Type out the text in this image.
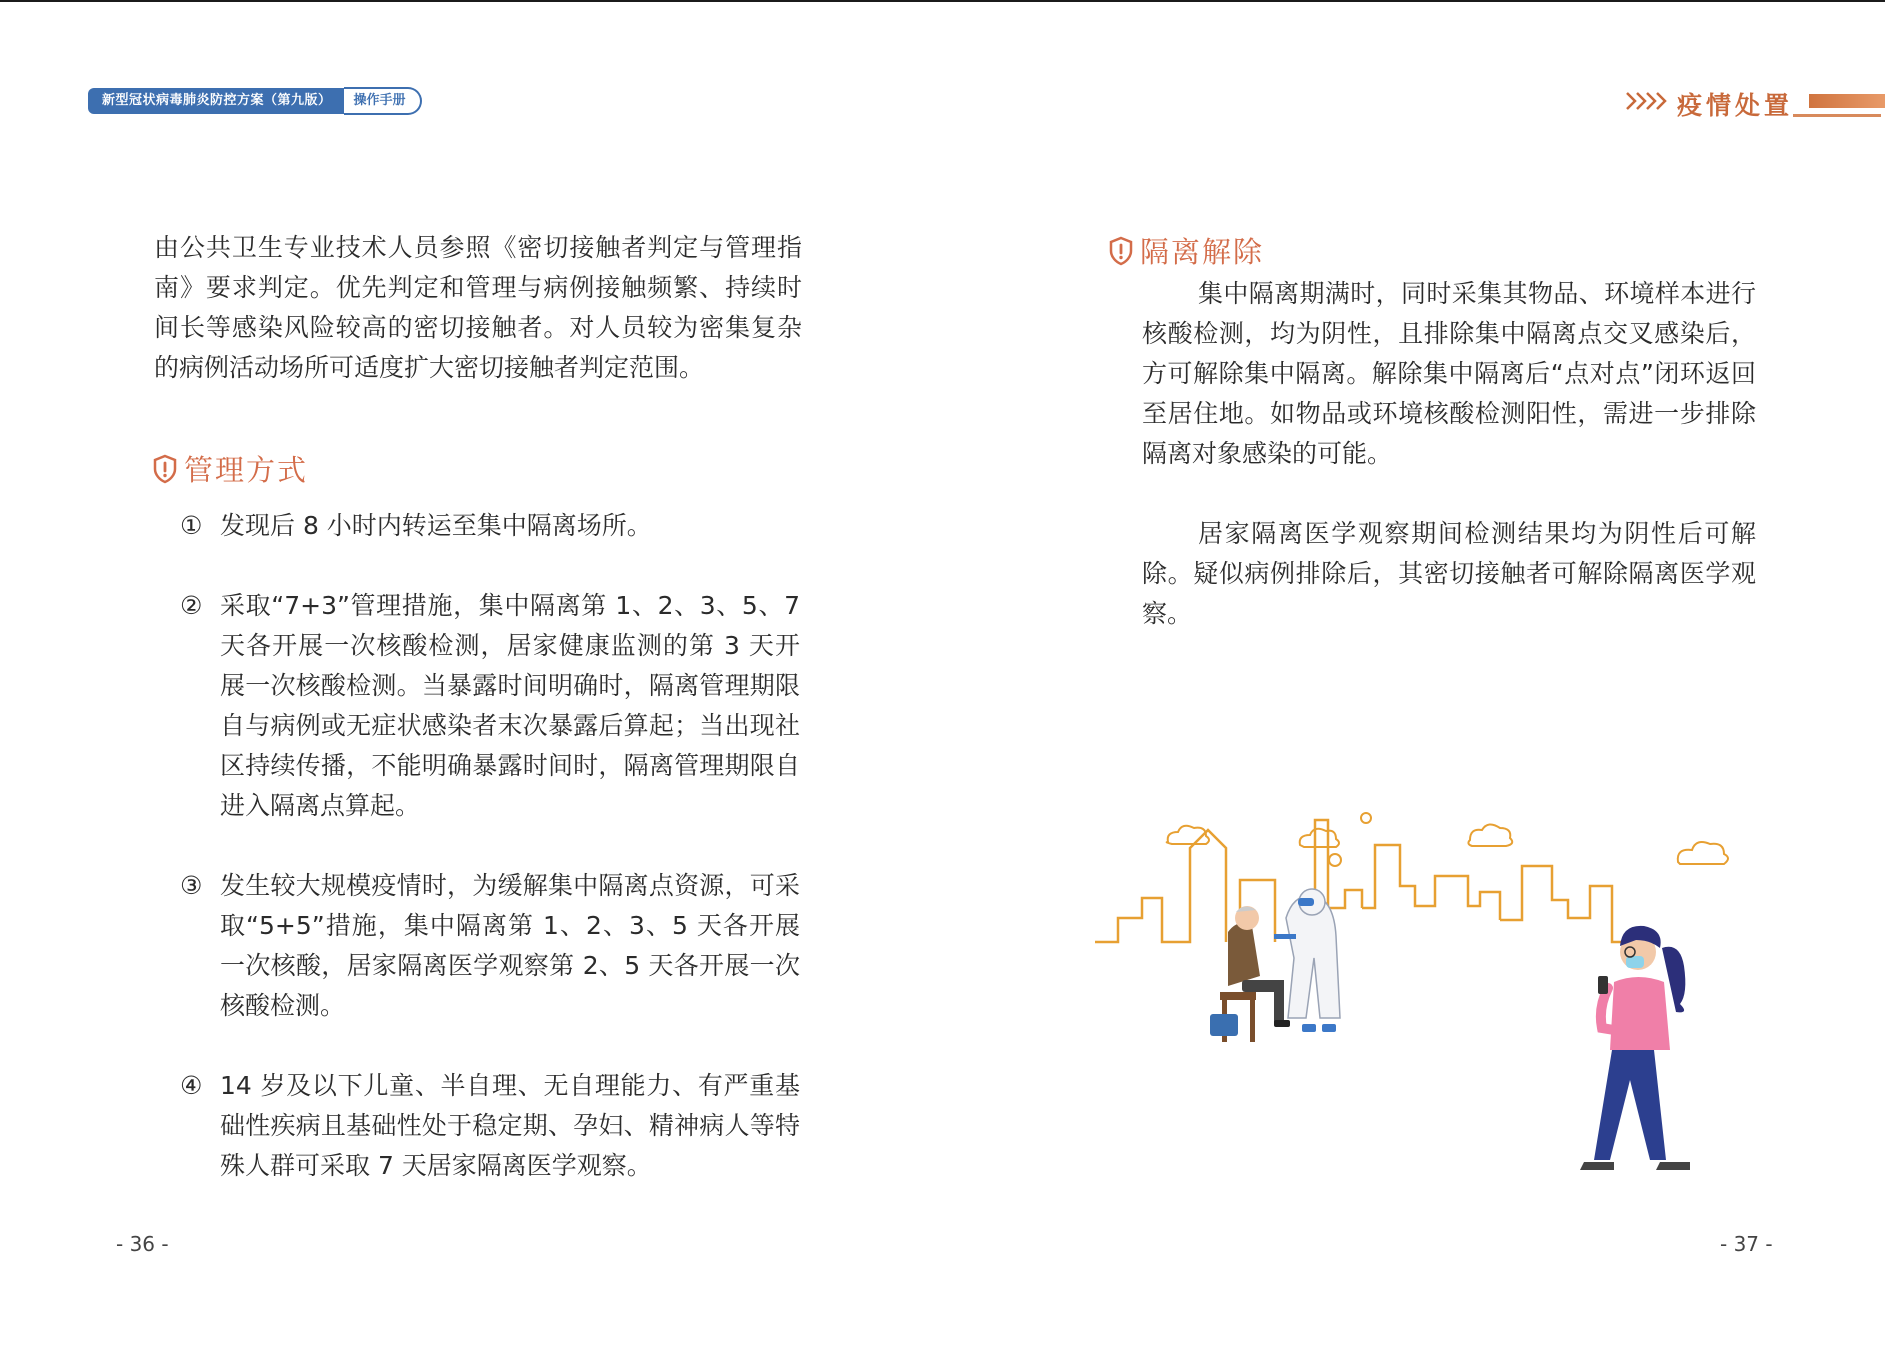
新型冠状病毒肺炎防控方案（第九版）	操作手册	疫情处置
由公共卫生专业技术人员参照《密切接触者判定与管理指南》要求判定。优先判定和管理与病例接触频繁、持续时间长等感染风险较高的密切接触者。对人员较为密集复杂的病例活动场所可适度扩大密切接触者判定范围。
管理方式
① 发现后 8 小时内转运至集中隔离场所。
② 采取“7+3”管理措施，集中隔离第 1、2、3、5、7 天各开展一次核酸检测，居家健康监测的第 3 天开展一次核酸检测。当暴露时间明确时，隔离管理期限自与病例或无症状感染者末次暴露后算起；当出现社区持续传播，不能明确暴露时间时，隔离管理期限自进入隔离点算起。
③ 发生较大规模疫情时，为缓解集中隔离点资源，可采取“5+5”措施，集中隔离第 1、2、3、5 天各开展一次核酸，居家隔离医学观察第 2、5 天各开展一次核酸检测。
④ 14 岁及以下儿童、半自理、无自理能力、有严重基础性疾病且基础性处于稳定期、孕妇、精神病人等特殊人群可采取 7 天居家隔离医学观察。
- 36 -
隔离解除
集中隔离期满时，同时采集其物品、环境样本进行核酸检测，均为阴性，且排除集中隔离点交叉感染后，方可解除集中隔离。解除集中隔离后“点对点”闭环返回至居住地。如物品或环境核酸检测阳性，需进一步排除隔离对象感染的可能。
居家隔离医学观察期间检测结果均为阴性后可解除。疑似病例排除后，其密切接触者可解除隔离医学观察。
- 37 -
